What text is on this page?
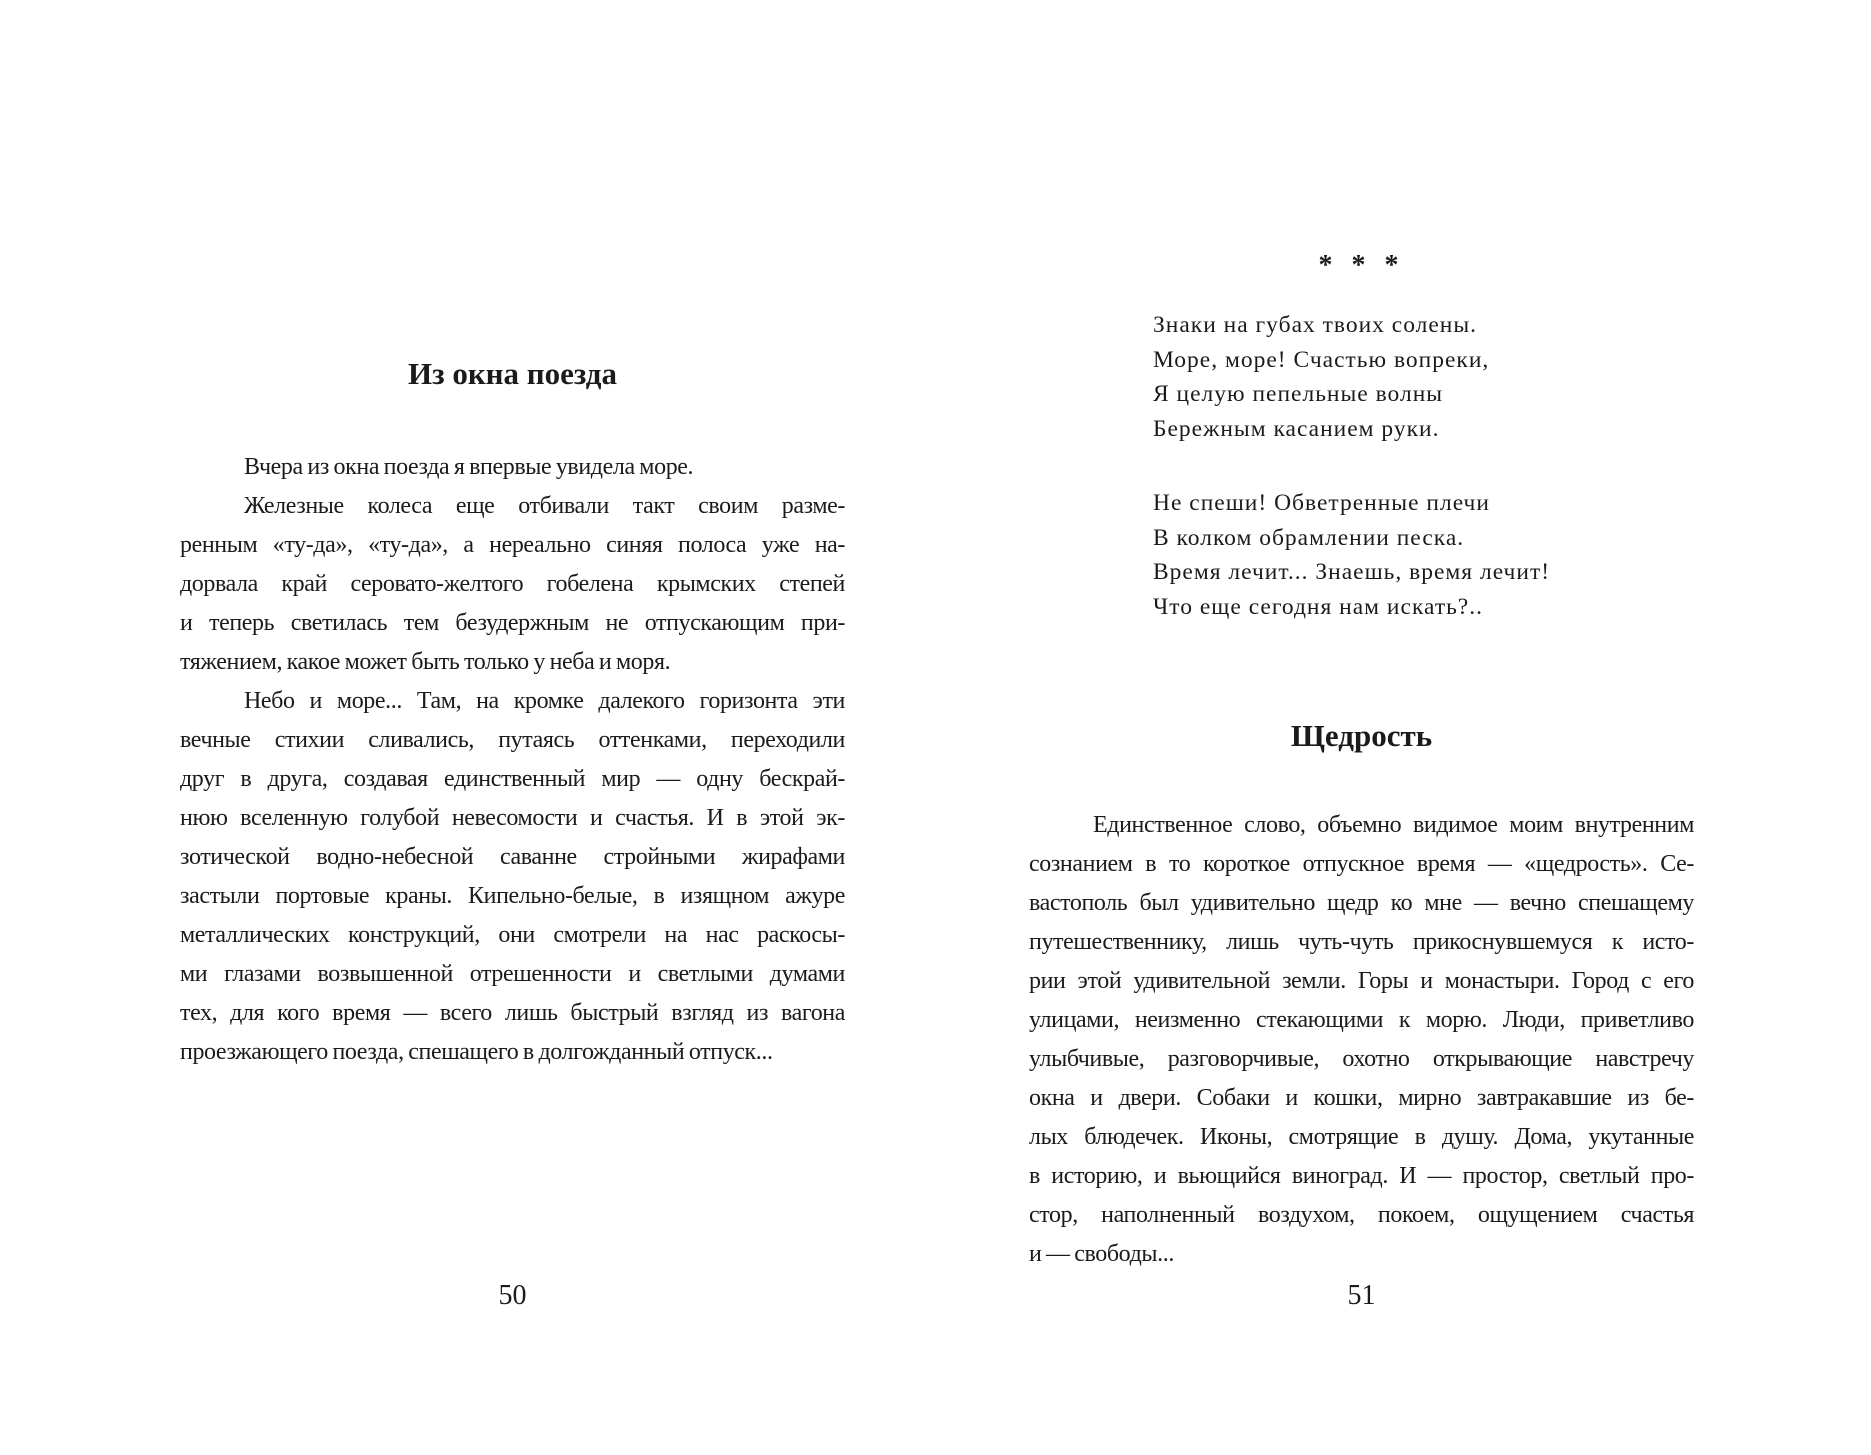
Из окна поезда
Вчера из окна поезда я впервые увидела море.
Железные колеса еще отбивали такт своим разме-
ренным «ту-да», «ту-да», а нереально синяя полоса уже на-
дорвала край серовато-желтого гобелена крымских степей
и теперь светилась тем безудержным не отпускающим при-
тяжением, какое может быть только у неба и моря.
Небо и море... Там, на кромке далекого горизонта эти
вечные стихии сливались, путаясь оттенками, переходили
друг в друга, создавая единственный мир — одну бескрай-
нюю вселенную голубой невесомости и счастья. И в этой эк-
зотической водно-небесной саванне стройными жирафами
застыли портовые краны. Кипельно-белые, в изящном ажуре
металлических конструкций, они смотрели на нас раскосы-
ми глазами возвышенной отрешенности и светлыми думами
тех, для кого время — всего лишь быстрый взгляд из вагона
проезжающего поезда, спешащего в долгожданный отпуск...
50
* * *
Знаки на губах твоих солены.
Море, море! Счастью вопреки,
Я целую пепельные волны
Бережным касанием руки.
Не спеши! Обветренные плечи
В колком обрамлении песка.
Время лечит... Знаешь, время лечит!
Что еще сегодня нам искать?..
Щедрость
Единственное слово, объемно видимое моим внутренним
сознанием в то короткое отпускное время — «щедрость». Се-
вастополь был удивительно щедр ко мне — вечно спешащему
путешественнику, лишь чуть-чуть прикоснувшемуся к исто-
рии этой удивительной земли. Горы и монастыри. Город с его
улицами, неизменно стекающими к морю. Люди, приветливо
улыбчивые, разговорчивые, охотно открывающие навстречу
окна и двери. Собаки и кошки, мирно завтракавшие из бе-
лых блюдечек. Иконы, смотрящие в душу. Дома, укутанные
в историю, и вьющийся виноград. И — простор, светлый про-
стор, наполненный воздухом, покоем, ощущением счастья
и — свободы...
51
